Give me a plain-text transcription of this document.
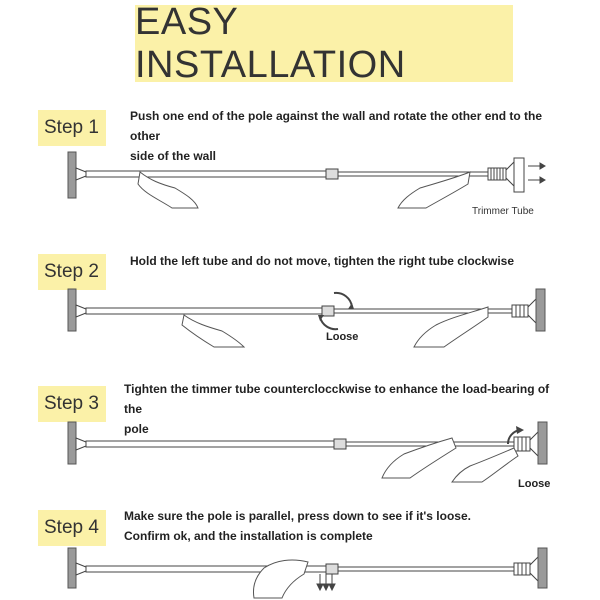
EASY INSTALLATION
Step 1

Push one end of the pole against the wall and rotate the other end to the other

side of the wall

Trimmer Tube
Step 2	Hold the left tube and do not move, tighten the right tube clockwise

Loose
Step 3

Tighten the timmer tube counterclocckwise to enhance the load-bearing of the

pole

Loose
Step 4

Make sure the pole is parallel, press down to see if it's loose.

Confirm ok, and the installation is complete
